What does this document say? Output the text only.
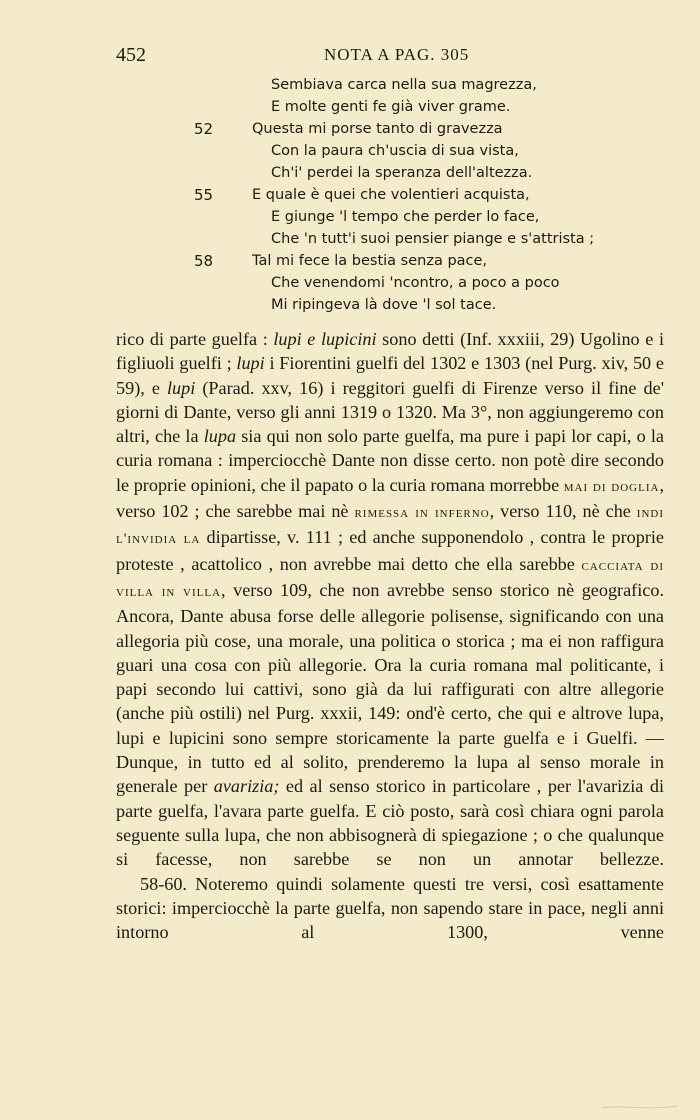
452	NOTA A PAG. 305
Sembiava carca nella sua magrezza,
E molte genti fe già viver grame.
52	Questa mi porse tanto di gravezza
Con la paura ch'uscia di sua vista,
Ch'i' perdei la speranza dell'altezza.
55	E quale è quei che volentieri acquista,
E giunge 'l tempo che perder lo face,
Che 'n tutt'i suoi pensier piange e s'attrista ;
58	Tal mi fece la bestia senza pace,
Che venendomi 'ncontro, a poco a poco
Mi ripingeva là dove 'l sol tace.

rico di parte guelfa : lupi e lupicini sono detti (Inf. xxxiii, 29) Ugolino e i figliuoli guelfi ; lupi i Fiorentini guelfi del 1302 e 1303 (nel Purg. xiv, 50 e 59), e lupi (Parad. xxv, 16) i reggitori guelfi di Firenze verso il fine de' giorni di Dante, verso gli anni 1319 o 1320. Ma 3°, non aggiungeremo con altri, che la lupa sia qui non solo parte guelfa, ma pure i papi lor capi, o la curia romana : imperciocchè Dante non disse certo. non potè dire secondo le proprie opinioni, che il papato o la curia romana morrebbe mai di doglia, verso 102 ; che sarebbe mai nè rimessa in inferno, verso 110, nè che indi l'invidia la dipartisse, v. 111 ; ed anche supponendolo , contra le proprie proteste , acattolico , non avrebbe mai detto che ella sarebbe cacciata di villa in villa, verso 109, che non avrebbe senso storico nè geografico. Ancora, Dante abusa forse delle allegorie polisense, significando con una allegoria più cose, una morale, una politica o storica ; ma ei non raffigura guari una cosa con più allegorie. Ora la curia romana mal politicante, i papi secondo lui cattivi, sono già da lui raffigurati con altre allegorie (anche più ostili) nel Purg. xxxii, 149: ond'è certo, che qui e altrove lupa, lupi e lupicini sono sempre storicamente la parte guelfa e i Guelfi. — Dunque, in tutto ed al solito, prenderemo la lupa al senso morale in generale per avarizia; ed al senso storico in particolare , per l'avarizia di parte guelfa, l'avara parte guelfa. E ciò posto, sarà così chiara ogni parola seguente sulla lupa, che non abbisognerà di spiegazione ; o che qualunque si facesse, non sarebbe se non un annotar bellezze.

58-60. Noteremo quindi solamente questi tre versi, così esattamente storici: imperciocchè la parte guelfa, non sapendo stare in pace, negli anni intorno al 1300, venne
